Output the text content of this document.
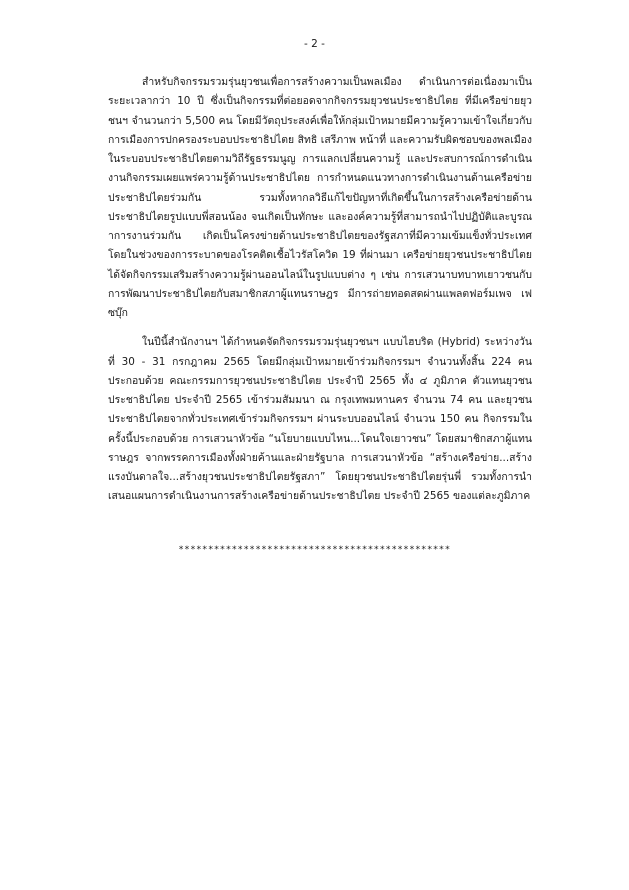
- 2 -

สำหรับกิจกรรมรวมรุ่นยุวชนเพื่อการสร้างความเป็นพลเมือง ดำเนินการต่อเนื่องมาเป็นระยะเวลากว่า 10 ปี ซึ่งเป็นกิจกรรมที่ต่อยอดจากกิจกรรมยุวชนประชาธิปไตย ที่มีเครือข่ายยุวชนฯ จำนวนกว่า 5,500 คน โดยมีวัตถุประสงค์เพื่อให้กลุ่มเป้าหมายมีความรู้ความเข้าใจเกี่ยวกับการเมืองการปกครองระบอบประชาธิปไตย สิทธิ เสรีภาพ หน้าที่ และความรับผิดชอบของพลเมืองในระบอบประชาธิปไตยตามวิถีรัฐธรรมนูญ การแลกเปลี่ยนความรู้ และประสบการณ์การดำเนินงานกิจกรรมเผยแพร่ความรู้ด้านประชาธิปไตย การกำหนดแนวทางการดำเนินงานด้านเครือข่ายประชาธิปไตยร่วมกัน รวมทั้งหากลวิธีแก้ไขปัญหาที่เกิดขึ้นในการสร้างเครือข่ายด้านประชาธิปไตยรูปแบบพี่สอนน้อง จนเกิดเป็นทักษะ และองค์ความรู้ที่สามารถนำไปปฏิบัติและบูรณาการงานร่วมกัน เกิดเป็นโครงข่ายด้านประชาธิปไตยของรัฐสภาที่มีความเข้มแข็งทั่วประเทศ โดยในช่วงของการระบาดของโรคติดเชื้อไวรัสโควิด 19 ที่ผ่านมา เครือข่ายยุวชนประชาธิปไตย ได้จัดกิจกรรมเสริมสร้างความรู้ผ่านออนไลน์ในรูปแบบต่าง ๆ เช่น การเสวนาบทบาทเยาวชนกับการพัฒนาประชาธิปไตยกับสมาชิกสภาผู้แทนราษฎร มีการถ่ายทอดสดผ่านแพลตฟอร์มเพจ เฟซบุ๊ก

ในปีนี้สำนักงานฯ ได้กำหนดจัดกิจกรรมรวมรุ่นยุวชนฯ แบบไฮบริด (Hybrid) ระหว่างวันที่ 30 - 31 กรกฎาคม 2565 โดยมีกลุ่มเป้าหมายเข้าร่วมกิจกรรมฯ จำนวนทั้งสิ้น 224 คน ประกอบด้วย คณะกรรมการยุวชนประชาธิปไตย ประจำปี 2565 ทั้ง ๔ ภูมิภาค ตัวแทนยุวชนประชาธิปไตย ประจำปี 2565 เข้าร่วมสัมมนา ณ กรุงเทพมหานคร จำนวน 74 คน และยุวชนประชาธิปไตยจากทั่วประเทศเข้าร่วมกิจกรรมฯ ผ่านระบบออนไลน์ จำนวน 150 คน กิจกรรมในครั้งนี้ประกอบด้วย การเสวนาหัวข้อ “นโยบายแบบไหน...โดนใจเยาวชน” โดยสมาชิกสภาผู้แทนราษฎร จากพรรคการเมืองทั้งฝ่ายค้านและฝ่ายรัฐบาล การเสวนาหัวข้อ “สร้างเครือข่าย...สร้างแรงบันดาลใจ...สร้างยุวชนประชาธิปไตยรัฐสภา” โดยยุวชนประชาธิปไตยรุ่นพี่ รวมทั้งการนำเสนอแผนการดำเนินงานการสร้างเครือข่ายด้านประชาธิปไตย ประจำปี 2565 ของแต่ละภูมิภาค

**********************************************
